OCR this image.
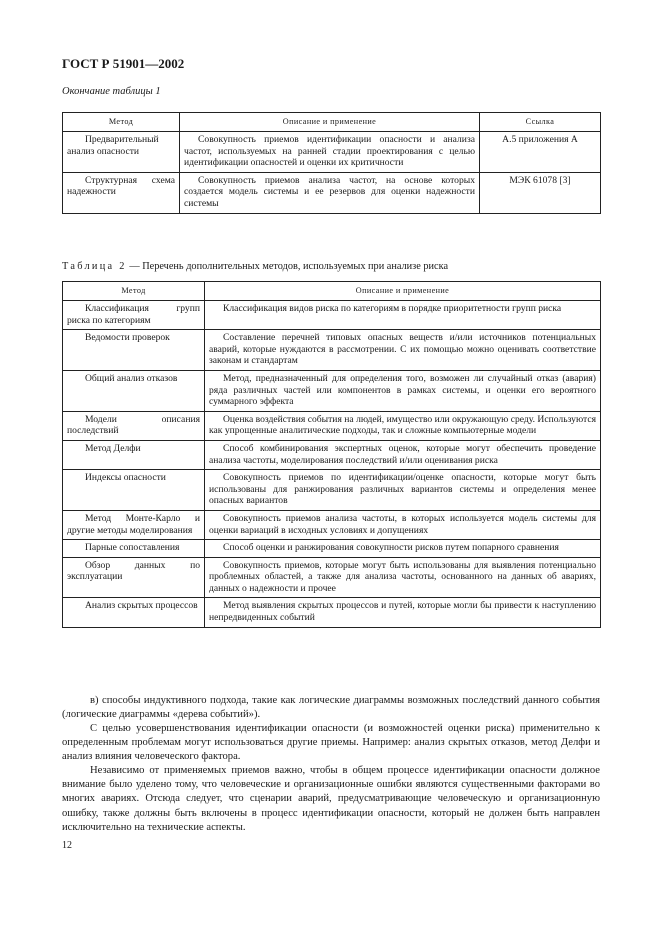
ГОСТ Р 51901—2002
Окончание таблицы 1
Метод	Описание и применение	Ссылка
Предварительный анализ опасности	Совокупность приемов идентификации опасности и анализа частот, используемых на ранней стадии проектирования с целью идентификации опасностей и оценки их критичности	А.5 приложения А
Структурная схема надежности	Совокупность приемов анализа частот, на основе которых создается модель системы и ее резервов для оценки надежности системы	МЭК 61078 [3]
Таблица 2 — Перечень дополнительных методов, используемых при анализе риска
Метод	Описание и применение
Классификация групп риска по категориям	Классификация видов риска по категориям в порядке приоритетности групп риска
Ведомости проверок	Составление перечней типовых опасных веществ и/или источников потенциальных аварий, которые нуждаются в рассмотрении. С их помощью можно оценивать соответствие законам и стандартам
Общий анализ отказов	Метод, предназначенный для определения того, возможен ли случайный отказ (авария) ряда различных частей или компонентов в рамках системы, и оценки его вероятного суммарного эффекта
Модели описания последствий	Оценка воздействия события на людей, имущество или окружающую среду. Используются как упрощенные аналитические подходы, так и сложные компьютерные модели
Метод Делфи	Способ комбинирования экспертных оценок, которые могут обеспечить проведение анализа частоты, моделирования последствий и/или оценивания риска
Индексы опасности	Совокупность приемов по идентификации/оценке опасности, которые могут быть использованы для ранжирования различных вариантов системы и определения менее опасных вариантов
Метод Монте-Карло и другие методы моделирования	Совокупность приемов анализа частоты, в которых используется модель системы для оценки вариаций в исходных условиях и допущениях
Парные сопоставления	Способ оценки и ранжирования совокупности рисков путем попарного сравнения
Обзор данных по эксплуатации	Совокупность приемов, которые могут быть использованы для выявления потенциально проблемных областей, а также для анализа частоты, основанного на данных об авариях, данных о надежности и прочее
Анализ скрытых процессов	Метод выявления скрытых процессов и путей, которые могли бы привести к наступлению непредвиденных событий

в) способы индуктивного подхода, такие как логические диаграммы возможных последствий данного события (логические диаграммы «дерева событий»).

С целью усовершенствования идентификации опасности (и возможностей оценки риска) применительно к определенным проблемам могут использоваться другие приемы. Например: анализ скрытых отказов, метод Делфи и анализ влияния человеческого фактора.

Независимо от применяемых приемов важно, чтобы в общем процессе идентификации опасности должное внимание было уделено тому, что человеческие и организационные ошибки являются существенными факторами во многих авариях. Отсюда следует, что сценарии аварий, предусматривающие человеческую и организационную ошибку, также должны быть включены в процесс идентификации опасности, который не должен быть направлен исключительно на технические аспекты.

12
